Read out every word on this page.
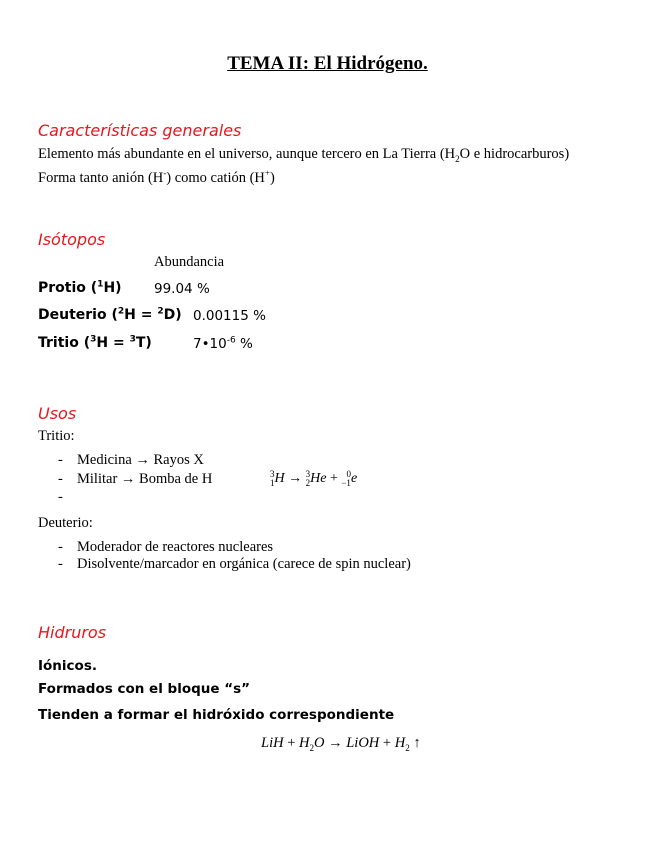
TEMA II: El Hidrógeno.
Características generales
Elemento más abundante en el universo, aunque tercero en La Tierra ($H_2O$ e hidrocarburos)
Forma tanto anión (H-) como catión (H+)
Isótopos
Abundancia
Protio ($^1$H) 99.04 %
Deuterio ($^2$H = $^2$D) 0.00115 %
Tritio ($^3$H = $^3$T)	$7•10^{-6}$ %
Usos
Tritio:
- Medicina → Rayos X
- Militar → Bomba de H
-
3
1 H → 3
2 He + 0
−1 e
Deuterio:
- Moderador de reactores nucleares
- Disolvente/marcador en orgánica (carece de spin nuclear)
Hidruros
Iónicos.
Formados con el bloque “s”
Tienden a formar el hidróxido correspondiente
LiH + $H_2O$ → LiOH + $H_2$ ↑
